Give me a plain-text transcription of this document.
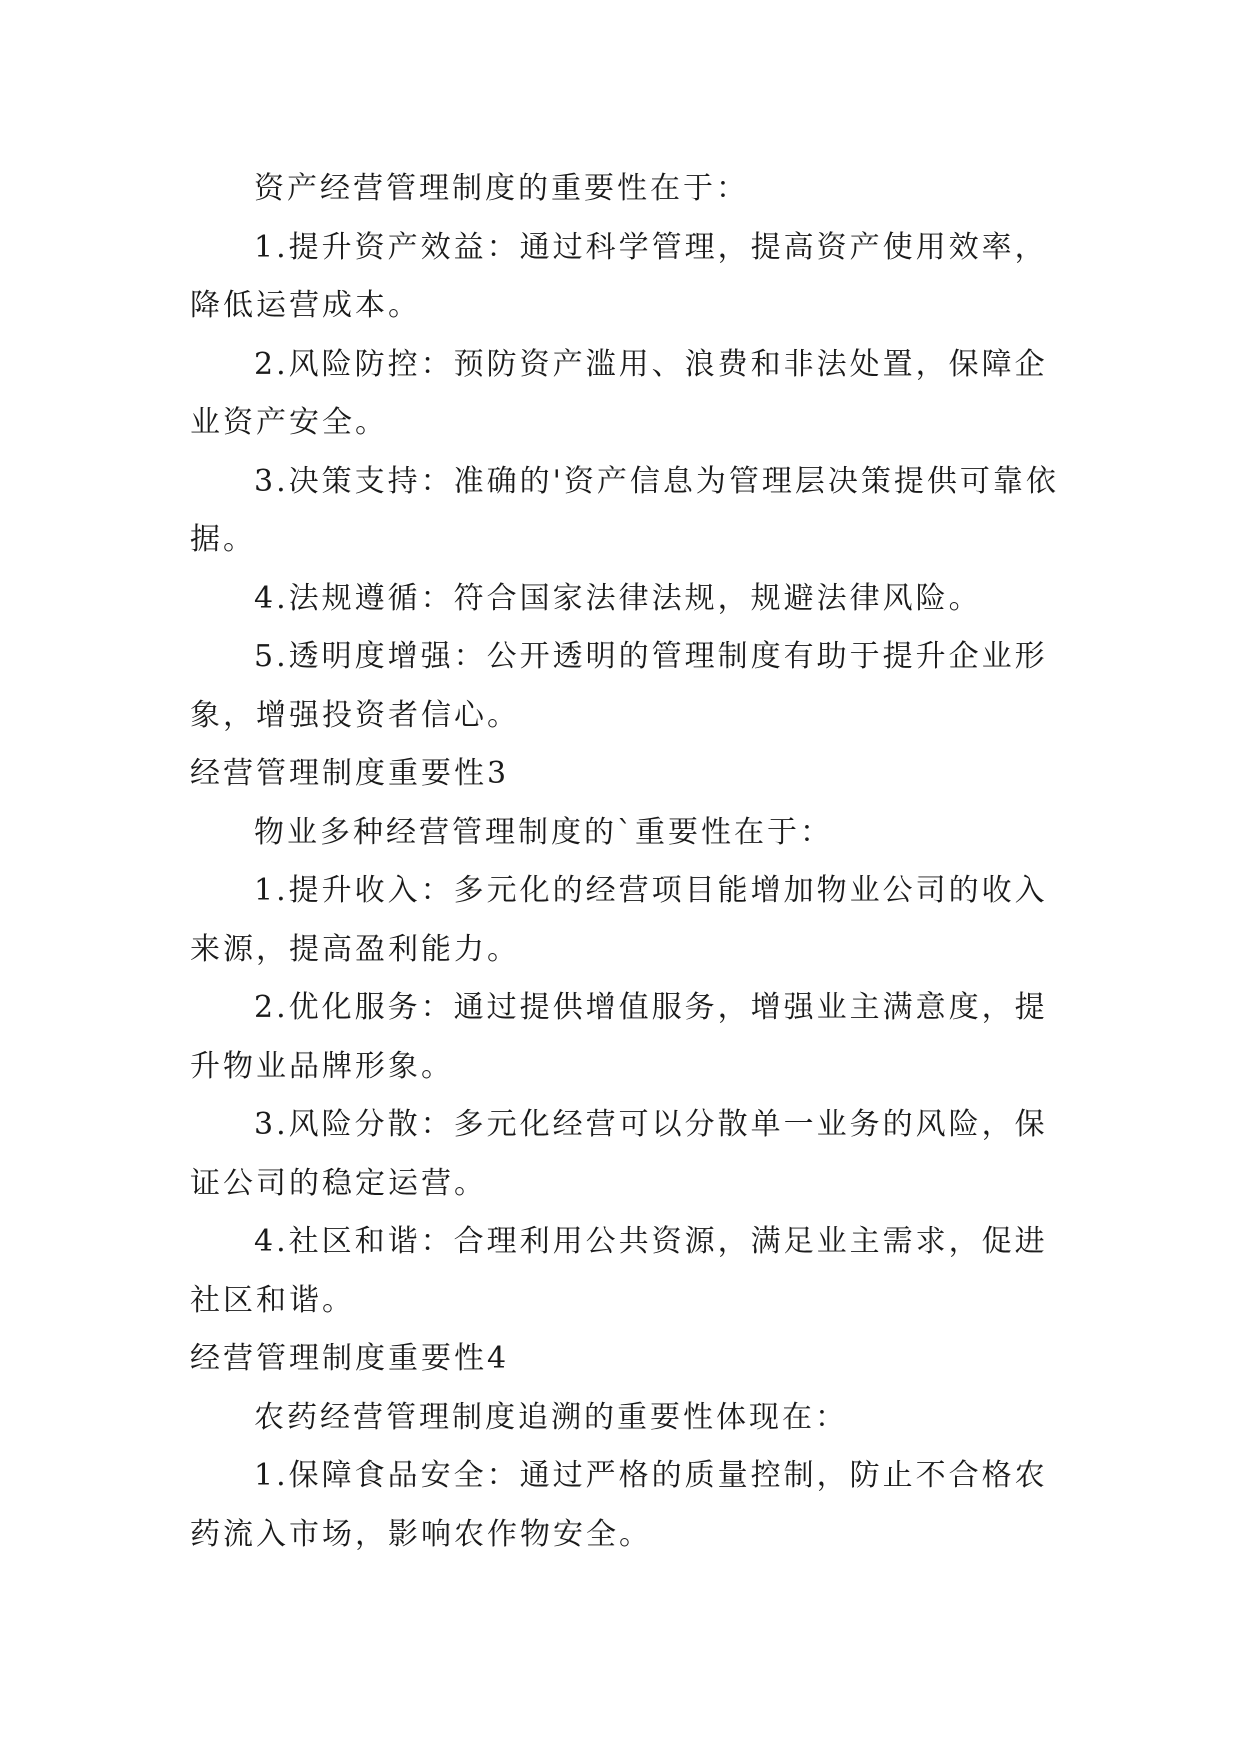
资产经营管理制度的重要性在于：

1.提升资产效益：通过科学管理，提高资产使用效率，降低运营成本。

2.风险防控：预防资产滥用、浪费和非法处置，保障企业资产安全。

3.决策支持：准确的'资产信息为管理层决策提供可靠依据。

4.法规遵循：符合国家法律法规，规避法律风险。

5.透明度增强：公开透明的管理制度有助于提升企业形象，增强投资者信心。

经营管理制度重要性3

物业多种经营管理制度的`重要性在于：

1.提升收入：多元化的经营项目能增加物业公司的收入来源，提高盈利能力。

2.优化服务：通过提供增值服务，增强业主满意度，提升物业品牌形象。

3.风险分散：多元化经营可以分散单一业务的风险，保证公司的稳定运营。

4.社区和谐：合理利用公共资源，满足业主需求，促进社区和谐。

经营管理制度重要性4

农药经营管理制度追溯的重要性体现在：

1.保障食品安全：通过严格的质量控制，防止不合格农药流入市场，影响农作物安全。
